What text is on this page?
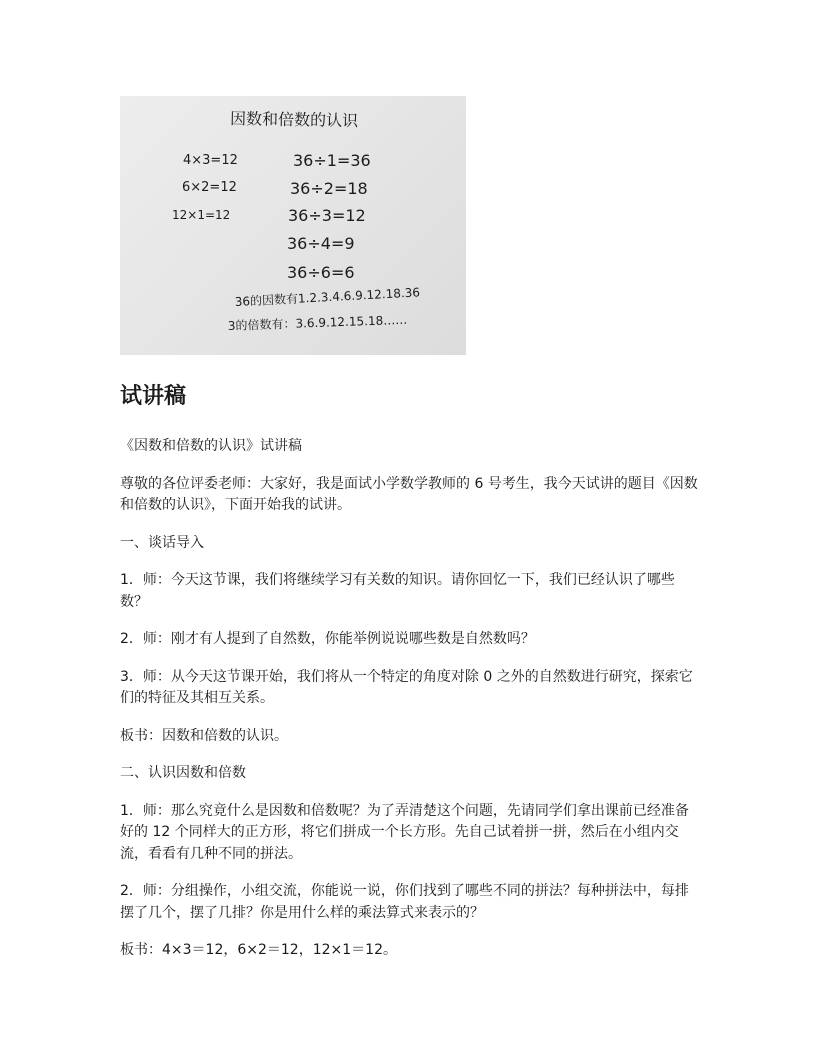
因数和倍数的认识
4×3=12
6×2=12
12×1=12
36÷1=36
36÷2=18
36÷3=12
36÷4=9
36÷6=6
36的因数有1.2.3.4.6.9.12.18.36
3的倍数有：3.6.9.12.15.18……
试讲稿

《因数和倍数的认识》试讲稿

尊敬的各位评委老师：大家好，我是面试小学数学教师的 6 号考生，我今天试讲的题目《因数和倍数的认识》，下面开始我的试讲。

一、谈话导入

1．师：今天这节课，我们将继续学习有关数的知识。请你回忆一下，我们已经认识了哪些数？

2．师：刚才有人提到了自然数，你能举例说说哪些数是自然数吗？

3．师：从今天这节课开始，我们将从一个特定的角度对除 0 之外的自然数进行研究，探索它们的特征及其相互关系。

板书：因数和倍数的认识。

二、认识因数和倍数

1．师：那么究竟什么是因数和倍数呢？为了弄清楚这个问题，先请同学们拿出课前已经准备好的 12 个同样大的正方形，将它们拼成一个长方形。先自己试着拼一拼，然后在小组内交流，看看有几种不同的拼法。

2．师：分组操作，小组交流，你能说一说，你们找到了哪些不同的拼法？每种拼法中，每排摆了几个，摆了几排？你是用什么样的乘法算式来表示的？

板书：4×3＝12，6×2＝12，12×1＝12。
